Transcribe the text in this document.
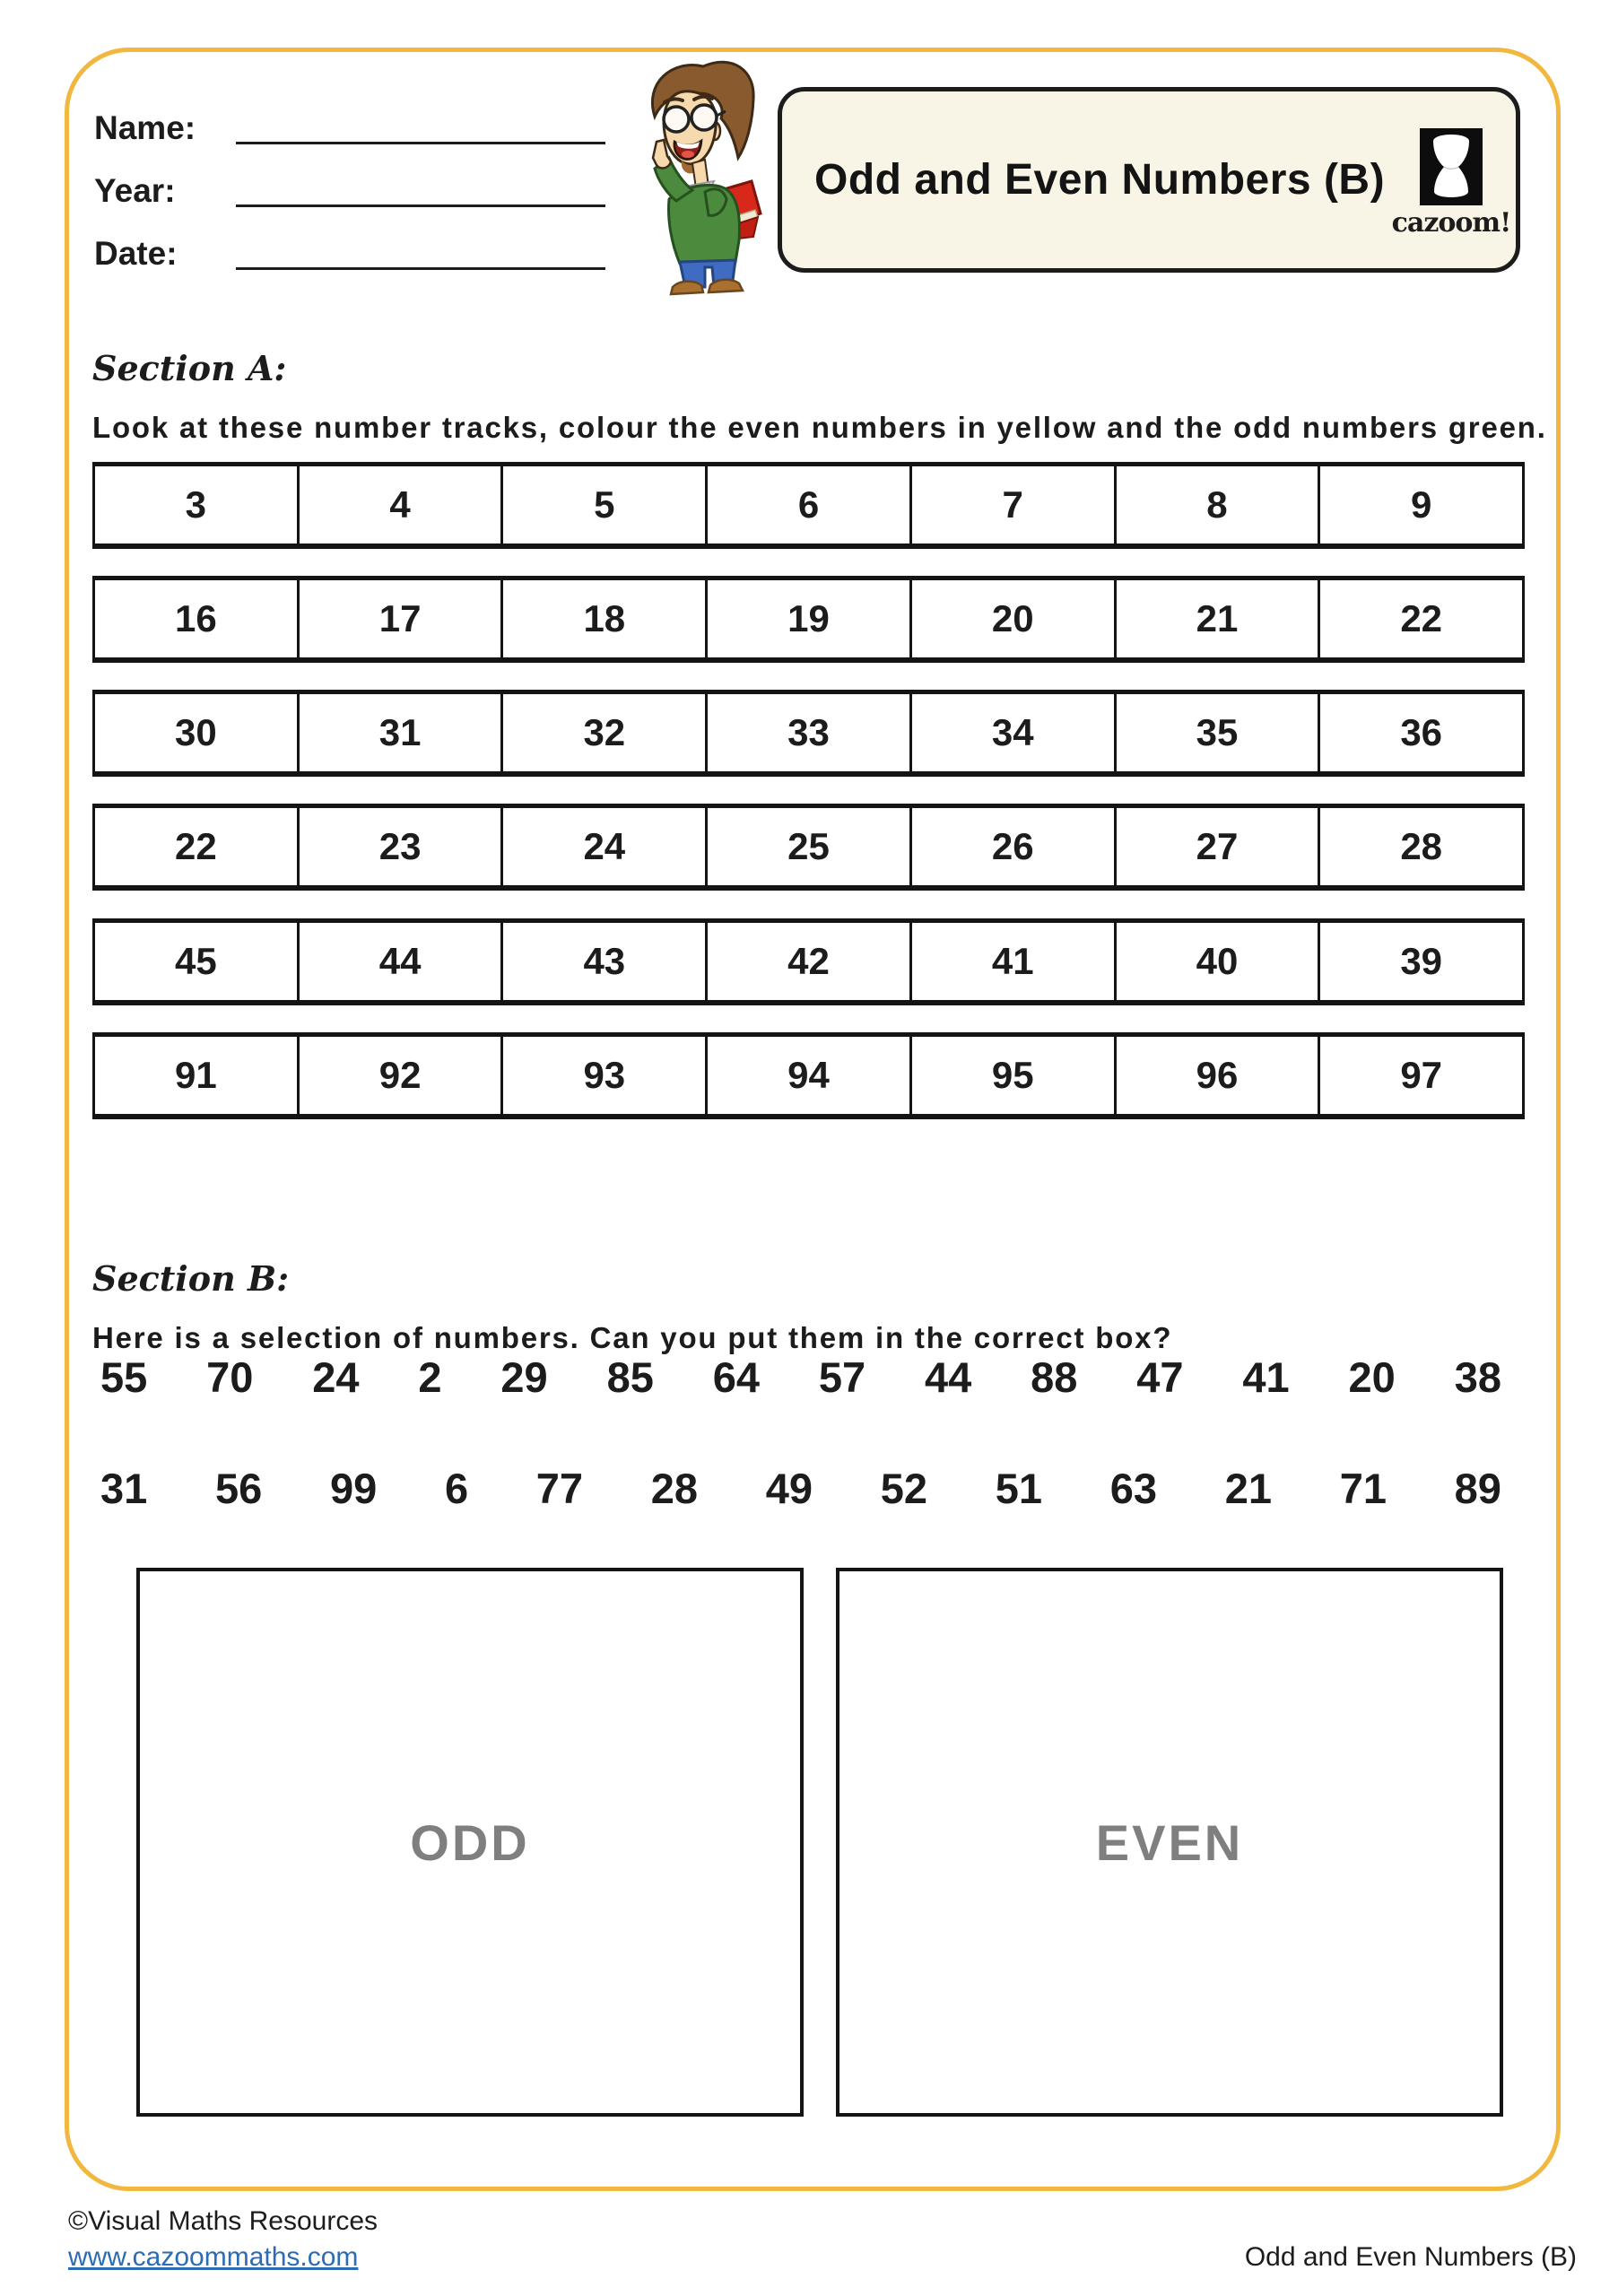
Name:
Year:
Date:
Odd and Even Numbers (B)
cazoom!
Section A:
Look at these number tracks, colour the even numbers in yellow and the odd numbers green.
3	4	5	6	7	8	9
16	17	18	19	20	21	22
30	31	32	33	34	35	36
22	23	24	25	26	27	28
45	44	43	42	41	40	39
91	92	93	94	95	96	97
Section B:
Here is a selection of numbers. Can you put them in the correct box?
55 70 24 2 29 85 64 57 44 88 47 41 20 38
31 56 99 6 77 28 49 52 51 63 21 71 89
ODD	EVEN
©Visual Maths Resources
www.cazoommaths.com	Odd and Even Numbers (B)
